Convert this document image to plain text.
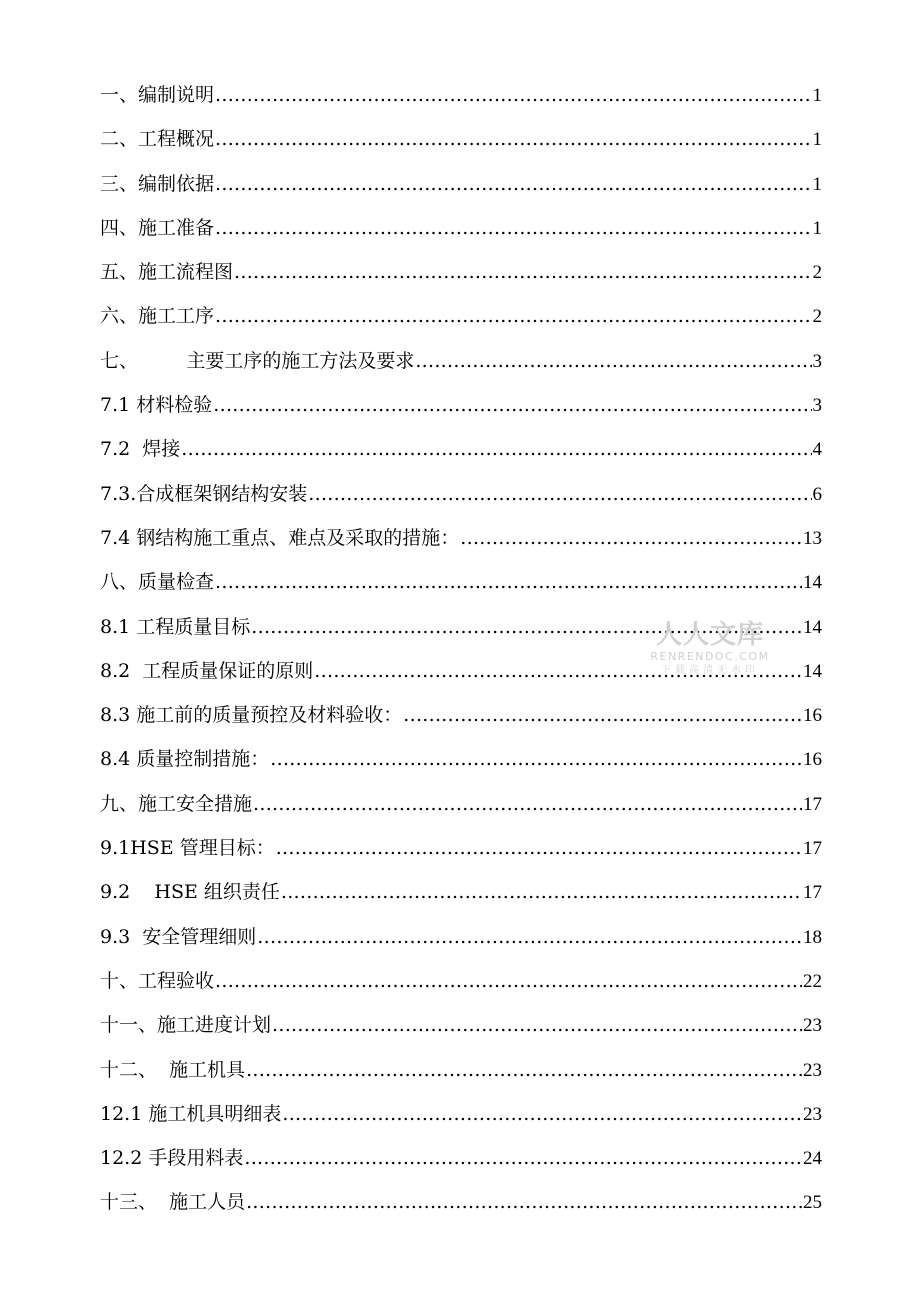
一、编制说明 .....	1
二、工程概况 .....	1
三、编制依据 .....	1
四、施工准备 .....	1
五、施工流程图 .....	2
六、施工工序 .....	2
七、        主要工序的施工方法及要求 .....	3
7.1 材料检验 .....	3
7.2  焊接 .....	4
7.3.合成框架钢结构安装 .....	6
7.4 钢结构施工重点、难点及采取的措施： .....	13
八、质量检查 .....	14
8.1 工程质量目标 .....	14
8.2  工程质量保证的原则 .....	14
8.3 施工前的质量预控及材料验收： .....	16
8.4 质量控制措施： .....	16
九、施工安全措施 .....	17
9.1HSE 管理目标： .....	17
9.2    HSE 组织责任 .....	17
9.3  安全管理细则 .....	18
十、工程验收 .....	22
十一、施工进度计划 .....	23
十二、  施工机具 .....	23
12.1 施工机具明细表 .....	23
12.2 手段用料表 .....	24
十三、  施工人员 .....	25
人人文库
RENRENDOC.COM
下载高清无水印
